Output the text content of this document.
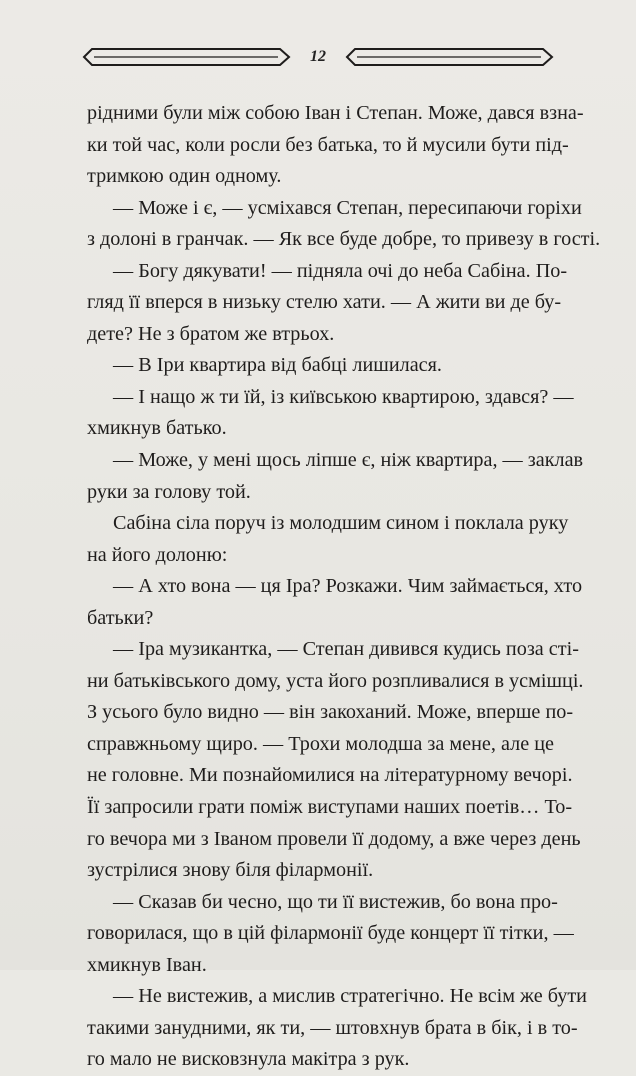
12
рідними були між собою Іван і Степан. Може, дався взна-
ки той час, коли росли без батька, то й мусили бути під-
тримкою один одному.
— Може і є, — усміхався Степан, пересипаючи горіхи
з долоні в гранчак. — Як все буде добре, то привезу в гості.
— Богу дякувати! — підняла очі до неба Сабіна. По-
гляд її вперся в низьку стелю хати. — А жити ви де бу-
дете? Не з братом же втрьох.
— В Іри квартира від бабці лишилася.
— І нащо ж ти їй, із київською квартирою, здався? —
хмикнув батько.
— Може, у мені щось ліпше є, ніж квартира, — заклав
руки за голову той.
Сабіна сіла поруч із молодшим сином і поклала руку
на його долоню:
— А хто вона — ця Іра? Розкажи. Чим займається, хто
батьки?
— Іра музикантка, — Степан дивився кудись поза сті-
ни батьківського дому, уста його розпливалися в усмішці.
З усього було видно — він закоханий. Може, вперше по-
справжньому щиро. — Трохи молодша за мене, але це
не головне. Ми познайомилися на літературному вечорі.
Її запросили грати поміж виступами наших поетів… То-
го вечора ми з Іваном провели її додому, а вже через день
зустрілися знову біля філармонії.
— Сказав би чесно, що ти її вистежив, бо вона про-
говорилася, що в цій філармонії буде концерт її тітки, —
хмикнув Іван.
— Не вистежив, а мислив стратегічно. Не всім же бути
такими занудними, як ти, — штовхнув брата в бік, і в то-
го мало не висковзнула макітра з рук.
